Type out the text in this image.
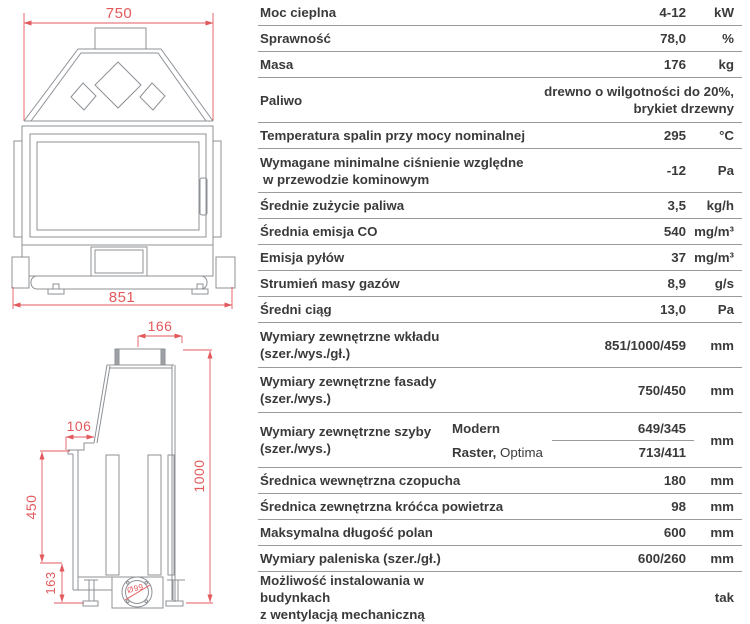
750
851
166
1000
106
450
163	Ø99
Moc cieplna	4-12	kW
Sprawność	78,0	%
Masa	176	kg
Paliwo
drewno o wilgotności do 20%,
brykiet drzewny
Temperatura spalin przy mocy nominalnej	295	°C
Wymagane minimalne ciśnienie względne
w przewodzie kominowym
-12	Pa
Średnie zużycie paliwa	3,5	kg/h
Średnia emisja CO	540 mg/m³
Emisja pyłów	37 mg/m³
Strumień masy gazów	8,9	g/s
Średni ciąg	13,0	Pa
Wymiary zewnętrzne wkładu
(szer./wys./gł.)
851/1000/459	mm
Wymiary zewnętrzne fasady
(szer./wys.)
750/450	mm
Wymiary zewnętrzne szyby
(szer./wys.)
Modern	649/345
Raster, Optima	713/411
mm
Średnica wewnętrzna czopucha	180	mm
Średnica zewnętrzna króćca powietrza	98	mm
Maksymalna długość polan	600	mm
Wymiary paleniska (szer./gł.)	600/260	mm
Możliwość instalowania w budynkach
z wentylacją mechaniczną
tak
